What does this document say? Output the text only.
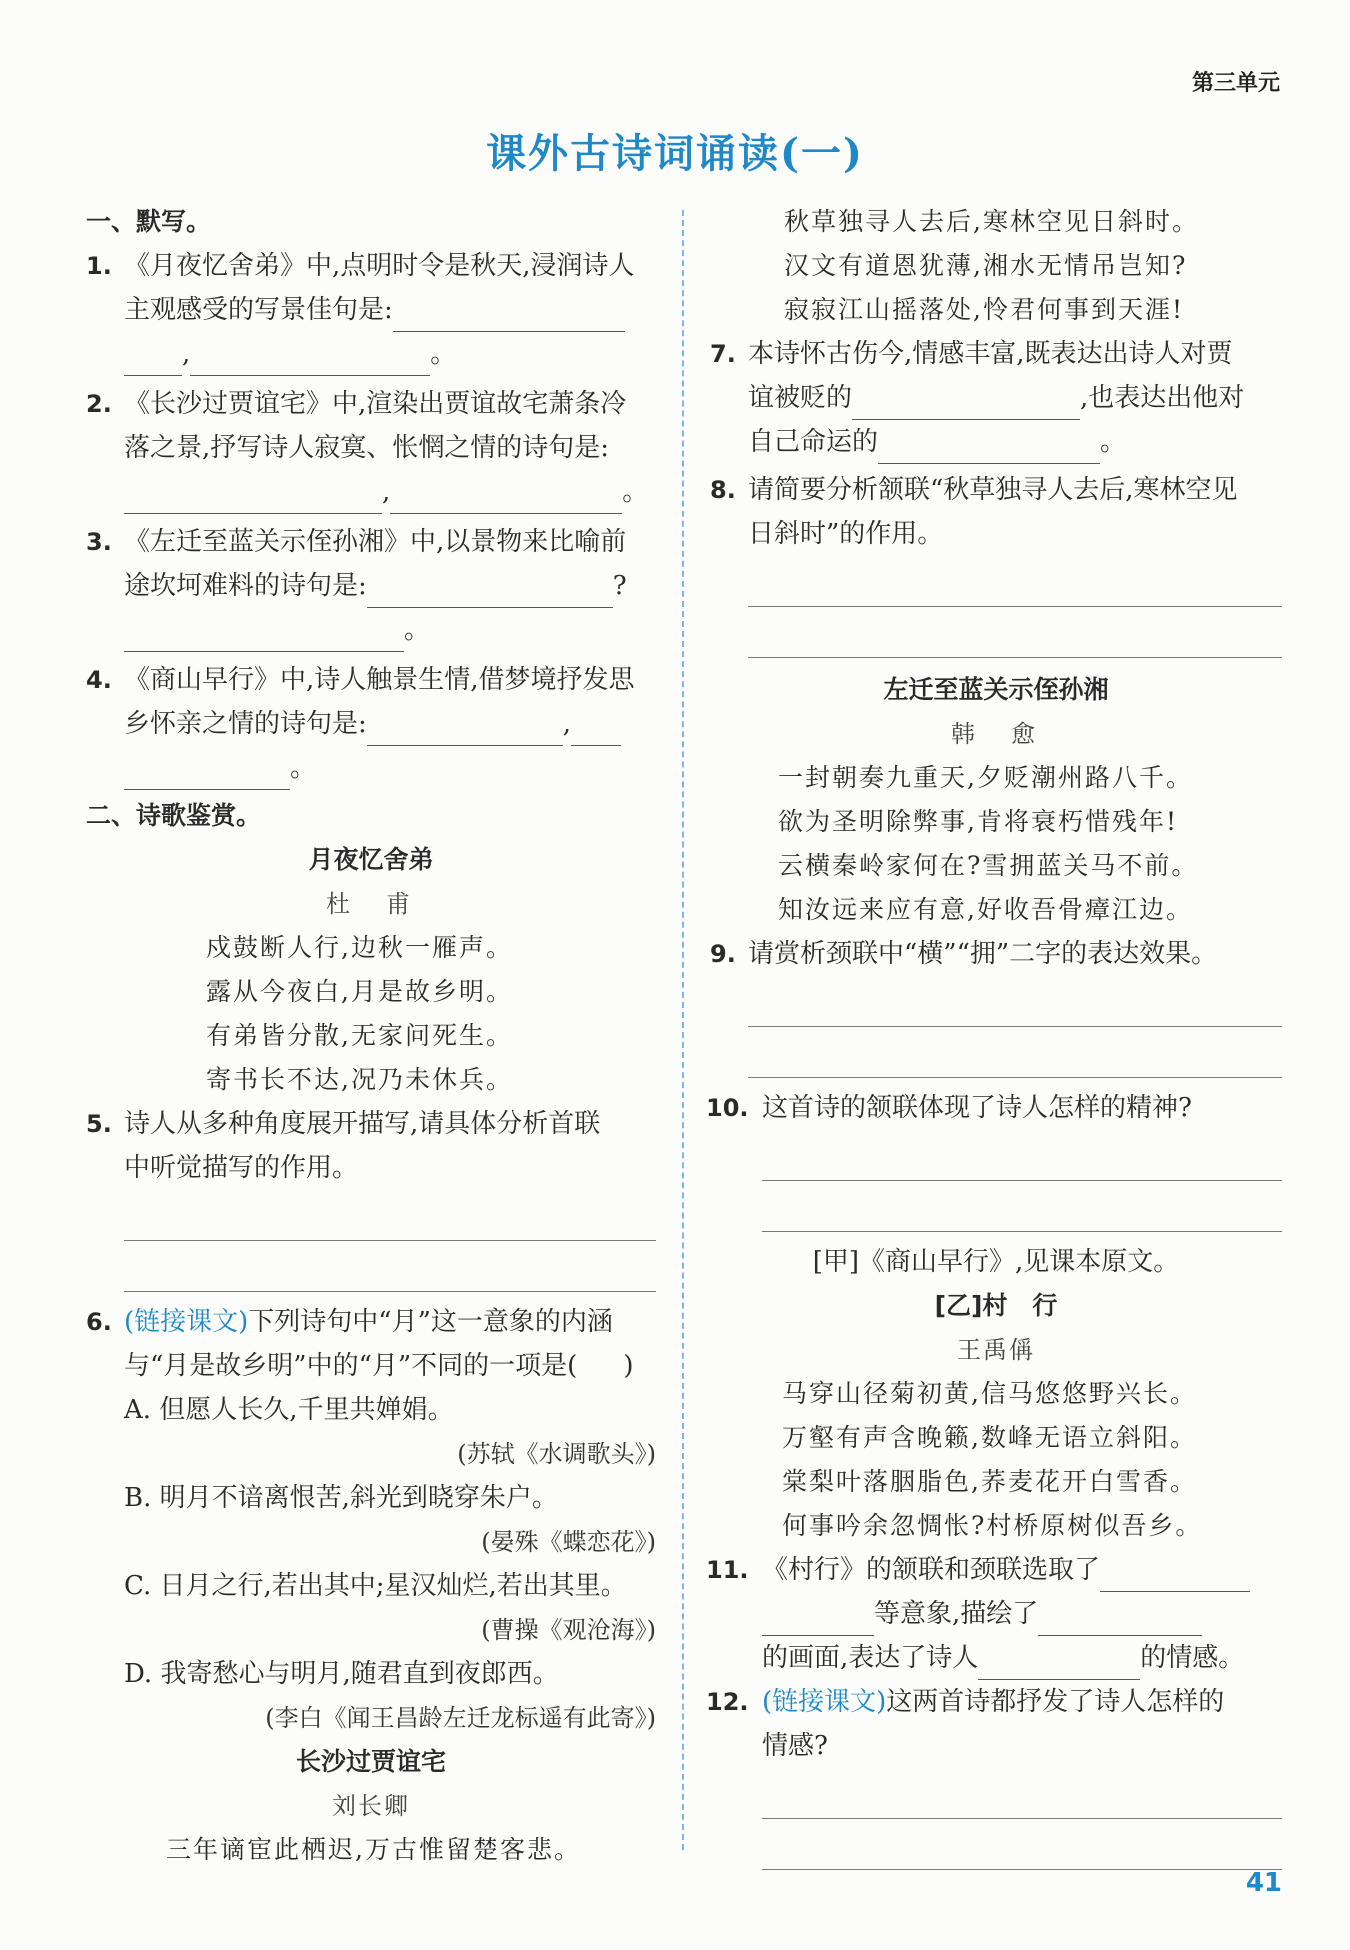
第三单元
课外古诗词诵读(一)
一、默写。
1. 《月夜忆舍弟》中,点明时令是秋天,浸润诗人
主观感受的写景佳句是:
,	。
2. 《长沙过贾谊宅》中,渲染出贾谊故宅萧条冷
落之景,抒写诗人寂寞、怅惘之情的诗句是:
,	。
3. 《左迁至蓝关示侄孙湘》中,以景物来比喻前
途坎坷难料的诗句是:	?
。
4. 《商山早行》中,诗人触景生情,借梦境抒发思
乡怀亲之情的诗句是:	,
。
二、诗歌鉴赏。
月夜忆舍弟
杜　甫
戍鼓断人行,边秋一雁声。
露从今夜白,月是故乡明。
有弟皆分散,无家问死生。
寄书长不达,况乃未休兵。
5. 诗人从多种角度展开描写,请具体分析首联
中听觉描写的作用。
6. (链接课文)下列诗句中“月”这一意象的内涵
与“月是故乡明”中的“月”不同的一项是( )
A. 但愿人长久,千里共婵娟。
(苏轼《水调歌头》)
B. 明月不谙离恨苦,斜光到晓穿朱户。
(晏殊《蝶恋花》)
C. 日月之行,若出其中;星汉灿烂,若出其里。
(曹操《观沧海》)
D. 我寄愁心与明月,随君直到夜郎西。
(李白《闻王昌龄左迁龙标遥有此寄》)
长沙过贾谊宅
刘长卿
三年谪宦此栖迟,万古惟留楚客悲。
秋草独寻人去后,寒林空见日斜时。
汉文有道恩犹薄,湘水无情吊岂知?
寂寂江山摇落处,怜君何事到天涯!
7. 本诗怀古伤今,情感丰富,既表达出诗人对贾
谊被贬的	,也表达出他对
自己命运的	。
8. 请简要分析颔联“秋草独寻人去后,寒林空见
日斜时”的作用。
左迁至蓝关示侄孙湘
韩　愈
一封朝奏九重天,夕贬潮州路八千。
欲为圣明除弊事,肯将衰朽惜残年!
云横秦岭家何在?雪拥蓝关马不前。
知汝远来应有意,好收吾骨瘴江边。
9. 请赏析颈联中“横”“拥”二字的表达效果。
10. 这首诗的颔联体现了诗人怎样的精神?
[甲]《商山早行》,见课本原文。
[乙]村　行
王禹偁
马穿山径菊初黄,信马悠悠野兴长。
万壑有声含晚籁,数峰无语立斜阳。
棠梨叶落胭脂色,荞麦花开白雪香。
何事吟余忽惆怅?村桥原树似吾乡。
11. 《村行》的颔联和颈联选取了
等意象,描绘了
的画面,表达了诗人	的情感。
12. (链接课文)这两首诗都抒发了诗人怎样的
情感?
41
